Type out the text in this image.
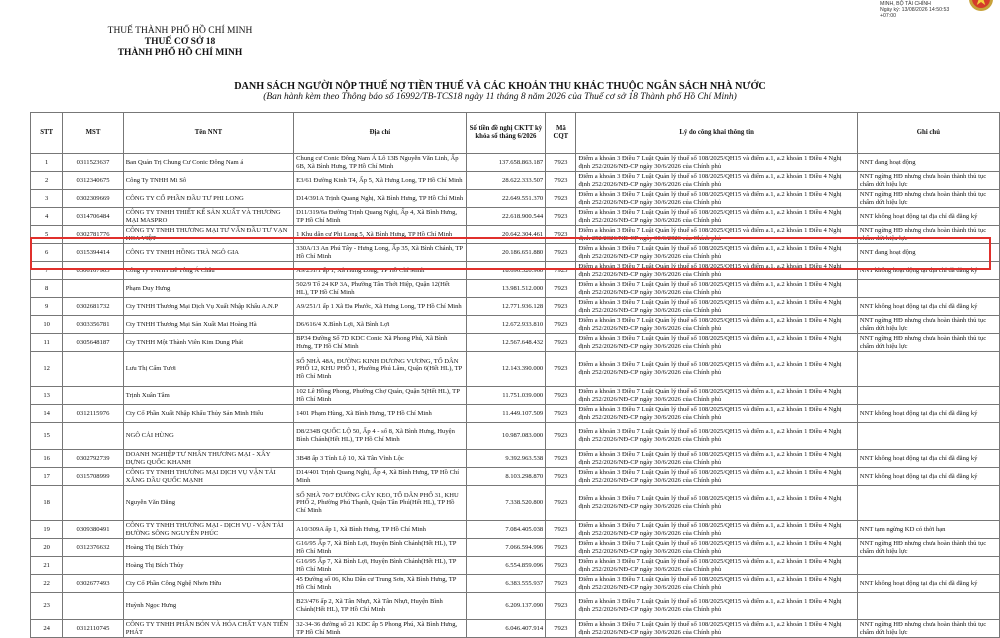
MINH, BỘ TÀI CHÍNH
Ngày ký: 13/08/2026 14:50:53 +07:00
THUẾ THÀNH PHỐ HỒ CHÍ MINH
THUẾ CƠ SỞ 18
THÀNH PHỐ HỒ CHÍ MINH
DANH SÁCH NGƯỜI NỘP THUẾ NỢ TIỀN THUẾ VÀ CÁC KHOẢN THU KHÁC THUỘC NGÂN SÁCH NHÀ NƯỚC
(Ban hành kèm theo Thông báo số 16992/TB-TCS18 ngày 11 tháng 8 năm 2026 của Thuế cơ sở 18 Thành phố Hồ Chí Minh)
STT	MST	Tên NNT	Địa chỉ	Số tiền đề nghị CKTT kỳ khóa sổ tháng 6/2026	Mã CQT	Lý do công khai thông tin	Ghi chú
1	0311523637	Ban Quản Trị Chung Cư Conic Đông Nam á	Chung cư Conic Đông Nam Á Lô 13B Nguyễn Văn Linh, Ấp 6B, Xã Bình Hưng, TP Hồ Chí Minh	137.658.863.187	7923	Điểm a khoản 3 Điều 7 Luật Quản lý thuế số 108/2025/QH15 và điểm a.1, a.2 khoản 1 Điều 4 Nghị định 252/2026/NĐ-CP ngày 30/6/2026 của Chính phủ	NNT đang hoạt động
2	0312340675	Công Ty TNHH Mi Sô	E3/61 Đường Kinh T4, Ấp 5, Xã Hưng Long, TP Hồ Chí Minh	28.622.333.507	7923	Điểm a khoản 3 Điều 7 Luật Quản lý thuế số 108/2025/QH15 và điểm a.1, a.2 khoản 1 Điều 4 Nghị định 252/2026/NĐ-CP ngày 30/6/2026 của Chính phủ	NNT ngừng HĐ nhưng chưa hoàn thành thủ tục chấm dứt hiệu lực
3	0302309669	CÔNG TY CỔ PHẦN ĐẦU TƯ PHI LONG	D14/391A Trịnh Quang Nghị, Xã Bình Hưng, TP Hồ Chí Minh	22.649.551.370	7923	Điểm a khoản 3 Điều 7 Luật Quản lý thuế số 108/2025/QH15 và điểm a.1, a.2 khoản 1 Điều 4 Nghị định 252/2026/NĐ-CP ngày 30/6/2026 của Chính phủ	NNT ngừng HĐ nhưng chưa hoàn thành thủ tục chấm dứt hiệu lực
4	0314706484	CÔNG TY TNHH THIẾT KẾ SẢN XUẤT VÀ THƯƠNG MẠI MASPRO	D11/319/6a Đường Trịnh Quang Nghị, Ấp 4, Xã Bình Hưng, TP Hồ Chí Minh	22.618.900.544	7923	Điểm a khoản 3 Điều 7 Luật Quản lý thuế số 108/2025/QH15 và điểm a.1, a.2 khoản 1 Điều 4 Nghị định 252/2026/NĐ-CP ngày 30/6/2026 của Chính phủ	NNT không hoạt động tại địa chỉ đã đăng ký
5	0302781776	CÔNG TY TNHH THƯƠNG MẠI TƯ VẤN ĐẦU TƯ VẠN HOA VIỆT	1 Khu dân cư Phi Long 5, Xã Bình Hưng, TP Hồ Chí Minh	20.642.304.461	7923	Điểm a khoản 3 Điều 7 Luật Quản lý thuế số 108/2025/QH15 và điểm a.1, a.2 khoản 1 Điều 4 Nghị định 252/2026/NĐ-CP ngày 30/6/2026 của Chính phủ	NNT ngừng HĐ nhưng chưa hoàn thành thủ tục chấm dứt hiệu lực
6	0315394414	CÔNG TY TNHH HỒNG TRÀ NGÔ GIA	330A/13 An Phú Tây - Hưng Long, Ấp 35, Xã Bình Chánh, TP Hồ Chí Minh	20.186.651.880	7923	Điểm a khoản 3 Điều 7 Luật Quản lý thuế số 108/2025/QH15 và điểm a.1, a.2 khoản 1 Điều 4 Nghị định 252/2026/NĐ-CP ngày 30/6/2026 của Chính phủ	NNT đang hoạt động
7	0306167903	Công Ty TNHH Bê Tông Á Châu	A9/251/1 ấp 1, Xã Hưng Long, TP Hồ Chí Minh	18.696.320.960	7923	Điểm a khoản 3 Điều 7 Luật Quản lý thuế số 108/2025/QH15 và điểm a.1, a.2 khoản 1 Điều 4 Nghị định 252/2026/NĐ-CP ngày 30/6/2026 của Chính phủ	NNT không hoạt động tại địa chỉ đã đăng ký
8		Phạm Duy Hưng	502/9 Tổ 24 KP 3A, Phường Tân Thới Hiệp, Quận 12(Hết HL), TP Hồ Chí Minh	13.981.512.000	7923	Điểm a khoản 3 Điều 7 Luật Quản lý thuế số 108/2025/QH15 và điểm a.1, a.2 khoản 1 Điều 4 Nghị định 252/2026/NĐ-CP ngày 30/6/2026 của Chính phủ	
9	0302681732	Cty TNHH Thương Mại Dịch Vụ Xuất Nhập Khẩu A.N.P	A9/251/1 ấp 1 Xã Đa Phước, Xã Hưng Long, TP Hồ Chí Minh	12.771.936.128	7923	Điểm a khoản 3 Điều 7 Luật Quản lý thuế số 108/2025/QH15 và điểm a.1, a.2 khoản 1 Điều 4 Nghị định 252/2026/NĐ-CP ngày 30/6/2026 của Chính phủ	NNT không hoạt động tại địa chỉ đã đăng ký
10	0303356781	Cty TNHH Thương Mại Sản Xuất Mai Hoàng Hà	D6/616/4 X.Bình Lợi, Xã Bình Lợi	12.672.933.810	7923	Điểm a khoản 3 Điều 7 Luật Quản lý thuế số 108/2025/QH15 và điểm a.1, a.2 khoản 1 Điều 4 Nghị định 252/2026/NĐ-CP ngày 30/6/2026 của Chính phủ	NNT ngừng HĐ nhưng chưa hoàn thành thủ tục chấm dứt hiệu lực
11	0305648187	Cty TNHH Một Thành Viên Kim Dung Phát	BP34 Đường Số 7D KDC Conic Xã Phong Phú, Xã Bình Hưng, TP Hồ Chí Minh	12.567.648.432	7923	Điểm a khoản 3 Điều 7 Luật Quản lý thuế số 108/2025/QH15 và điểm a.1, a.2 khoản 1 Điều 4 Nghị định 252/2026/NĐ-CP ngày 30/6/2026 của Chính phủ	NNT ngừng HĐ nhưng chưa hoàn thành thủ tục chấm dứt hiệu lực
12		Lưu Thị Cẩm Tươi	SỐ NHÀ 48A, ĐƯỜNG KINH DƯƠNG VƯƠNG, TỔ DÂN PHỐ 12, KHU PHỐ 1, Phường Phú Lâm, Quận 6(Hết HL), TP Hồ Chí Minh	12.143.390.000	7923	Điểm a khoản 3 Điều 7 Luật Quản lý thuế số 108/2025/QH15 và điểm a.1, a.2 khoản 1 Điều 4 Nghị định 252/2026/NĐ-CP ngày 30/6/2026 của Chính phủ	
13		Trịnh Xuân Tâm	102 Lê Hồng Phong, Phường Chợ Quán, Quận 5(Hết HL), TP Hồ Chí Minh	11.751.039.000	7923	Điểm a khoản 3 Điều 7 Luật Quản lý thuế số 108/2025/QH15 và điểm a.1, a.2 khoản 1 Điều 4 Nghị định 252/2026/NĐ-CP ngày 30/6/2026 của Chính phủ	
14	0312115976	Cty Cổ Phần Xuất Nhập Khẩu Thủy Sản Minh Hiếu	1401 Phạm Hùng, Xã Bình Hưng, TP Hồ Chí Minh	11.449.107.509	7923	Điểm a khoản 3 Điều 7 Luật Quản lý thuế số 108/2025/QH15 và điểm a.1, a.2 khoản 1 Điều 4 Nghị định 252/2026/NĐ-CP ngày 30/6/2026 của Chính phủ	NNT không hoạt động tại địa chỉ đã đăng ký
15		NGÔ CẢI HÙNG	D8/234B QUỐC LỘ 50, Ấp 4 - số 8, Xã Bình Hưng, Huyện Bình Chánh(Hết HL), TP Hồ Chí Minh	10.987.083.000	7923	Điểm a khoản 3 Điều 7 Luật Quản lý thuế số 108/2025/QH15 và điểm a.1, a.2 khoản 1 Điều 4 Nghị định 252/2026/NĐ-CP ngày 30/6/2026 của Chính phủ	
16	0302792739	DOANH NGHIỆP TƯ NHÂN THƯƠNG MẠI - XÂY DỰNG QUỐC KHANH	3B48 ấp 3 Tỉnh Lộ 10, Xã Tân Vĩnh Lộc	9.392.963.538	7923	Điểm a khoản 3 Điều 7 Luật Quản lý thuế số 108/2025/QH15 và điểm a.1, a.2 khoản 1 Điều 4 Nghị định 252/2026/NĐ-CP ngày 30/6/2026 của Chính phủ	NNT không hoạt động tại địa chỉ đã đăng ký
17	0315708999	CÔNG TY TNHH THƯƠNG MẠI DỊCH VỤ VẬN TẢI XĂNG DẦU QUỐC MẠNH	D14/401 Trịnh Quang Nghị, Ấp 4, Xã Bình Hưng, TP Hồ Chí Minh	8.103.298.870	7923	Điểm a khoản 3 Điều 7 Luật Quản lý thuế số 108/2025/QH15 và điểm a.1, a.2 khoản 1 Điều 4 Nghị định 252/2026/NĐ-CP ngày 30/6/2026 của Chính phủ	NNT không hoạt động tại địa chỉ đã đăng ký
18		Nguyễn Văn Đẳng	SỐ NHÀ 70/7 ĐƯỜNG CÂY KEO, TỔ DÂN PHỐ 31, KHU PHỐ 2, Phường Phú Thạnh, Quận Tân Phú(Hết HL), TP Hồ Chí Minh	7.338.520.800	7923	Điểm a khoản 3 Điều 7 Luật Quản lý thuế số 108/2025/QH15 và điểm a.1, a.2 khoản 1 Điều 4 Nghị định 252/2026/NĐ-CP ngày 30/6/2026 của Chính phủ	
19	0309380491	CÔNG TY TNHH THƯƠNG MẠI - DỊCH VỤ - VẬN TẢI ĐƯỜNG SÔNG NGUYÊN PHÚC	A10/309A ấp 1, Xã Bình Hưng, TP Hồ Chí Minh	7.084.405.038	7923	Điểm a khoản 3 Điều 7 Luật Quản lý thuế số 108/2025/QH15 và điểm a.1, a.2 khoản 1 Điều 4 Nghị định 252/2026/NĐ-CP ngày 30/6/2026 của Chính phủ	NNT tạm ngừng KD có thời hạn
20	0312376632	Hoàng Thị Bích Thủy	G16/95 Ấp 7, Xã Bình Lợi, Huyện Bình Chánh(Hết HL), TP Hồ Chí Minh	7.066.594.996	7923	Điểm a khoản 3 Điều 7 Luật Quản lý thuế số 108/2025/QH15 và điểm a.1, a.2 khoản 1 Điều 4 Nghị định 252/2026/NĐ-CP ngày 30/6/2026 của Chính phủ	NNT ngừng HĐ nhưng chưa hoàn thành thủ tục chấm dứt hiệu lực
21		Hoàng Thị Bích Thủy	G16/95 Ấp 7, Xã Bình Lợi, Huyện Bình Chánh(Hết HL), TP Hồ Chí Minh	6.554.859.096	7923	Điểm a khoản 3 Điều 7 Luật Quản lý thuế số 108/2025/QH15 và điểm a.1, a.2 khoản 1 Điều 4 Nghị định 252/2026/NĐ-CP ngày 30/6/2026 của Chính phủ	
22	0302677493	Cty Cổ Phần Công Nghệ Nhơn Hữu	45 Đường số 06, Khu Dân cư Trung Sơn, Xã Bình Hưng, TP Hồ Chí Minh	6.383.555.937	7923	Điểm a khoản 3 Điều 7 Luật Quản lý thuế số 108/2025/QH15 và điểm a.1, a.2 khoản 1 Điều 4 Nghị định 252/2026/NĐ-CP ngày 30/6/2026 của Chính phủ	NNT không hoạt động tại địa chỉ đã đăng ký
23		Huỳnh Ngọc Hưng	B23/476 ấp 2, Xã Tân Nhựt, Xã Tân Nhựt, Huyện Bình Chánh(Hết HL), TP Hồ Chí Minh	6.209.137.090	7923	Điểm a khoản 3 Điều 7 Luật Quản lý thuế số 108/2025/QH15 và điểm a.1, a.2 khoản 1 Điều 4 Nghị định 252/2026/NĐ-CP ngày 30/6/2026 của Chính phủ	
24	0312110745	CÔNG TY TNHH PHÂN BÓN VÀ HÓA CHẤT VẠN TIẾN PHÁT	32-34-36 đường số 21 KDC ấp 5 Phong Phú, Xã Bình Hưng, TP Hồ Chí Minh	6.046.407.914	7923	Điểm a khoản 3 Điều 7 Luật Quản lý thuế số 108/2025/QH15 và điểm a.1, a.2 khoản 1 Điều 4 Nghị định 252/2026/NĐ-CP ngày 30/6/2026 của Chính phủ	NNT ngừng HĐ nhưng chưa hoàn thành thủ tục chấm dứt hiệu lực
